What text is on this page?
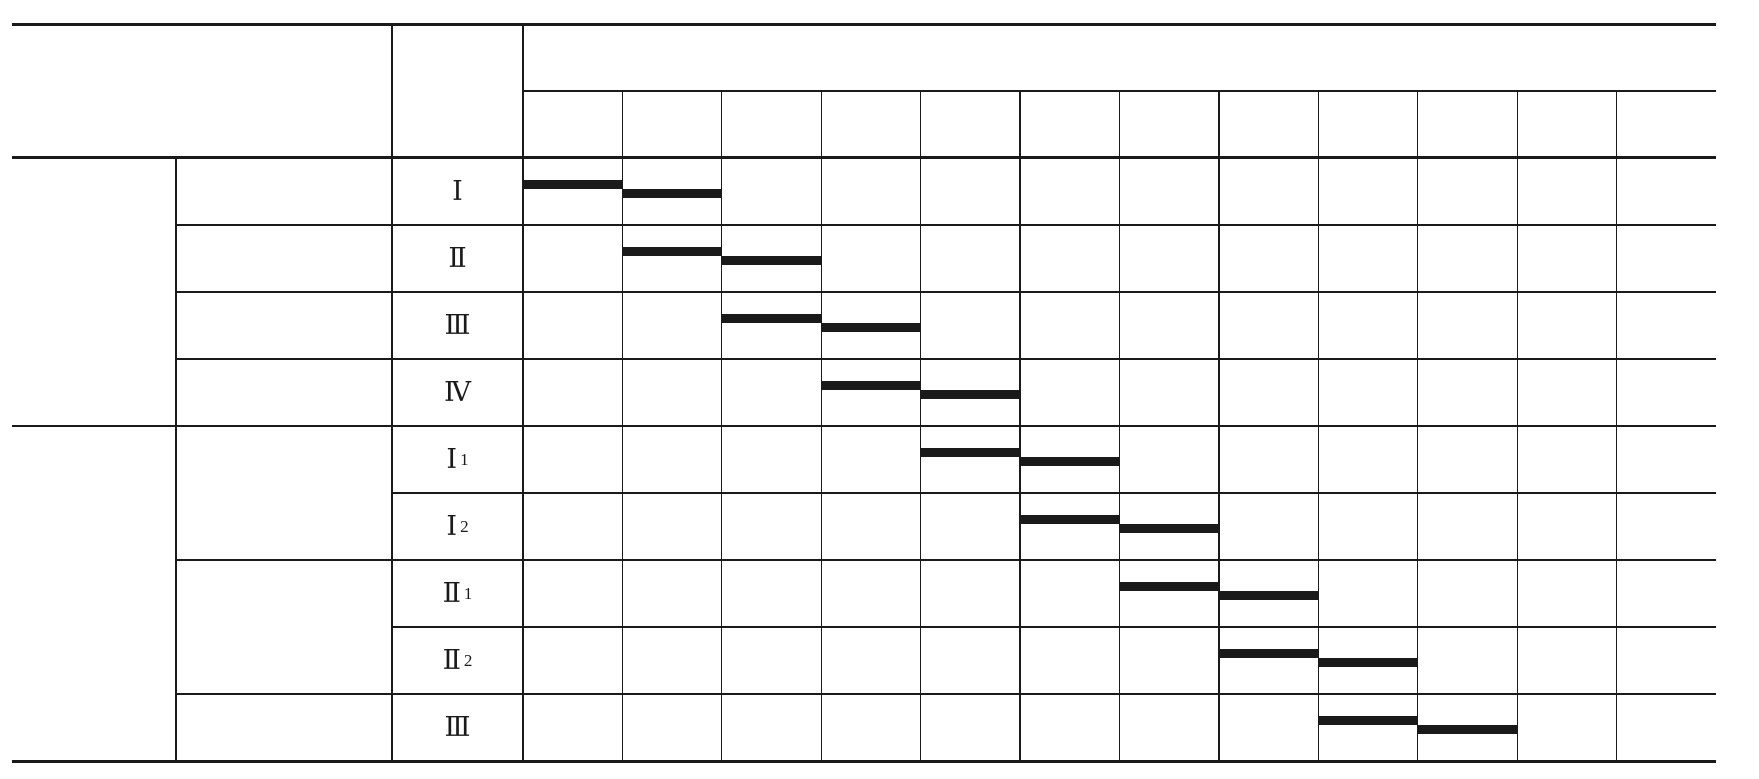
Ⅰ
Ⅱ
Ⅲ
Ⅳ
Ⅰ 1
Ⅰ 2
Ⅱ 1
Ⅱ 2
Ⅲ
